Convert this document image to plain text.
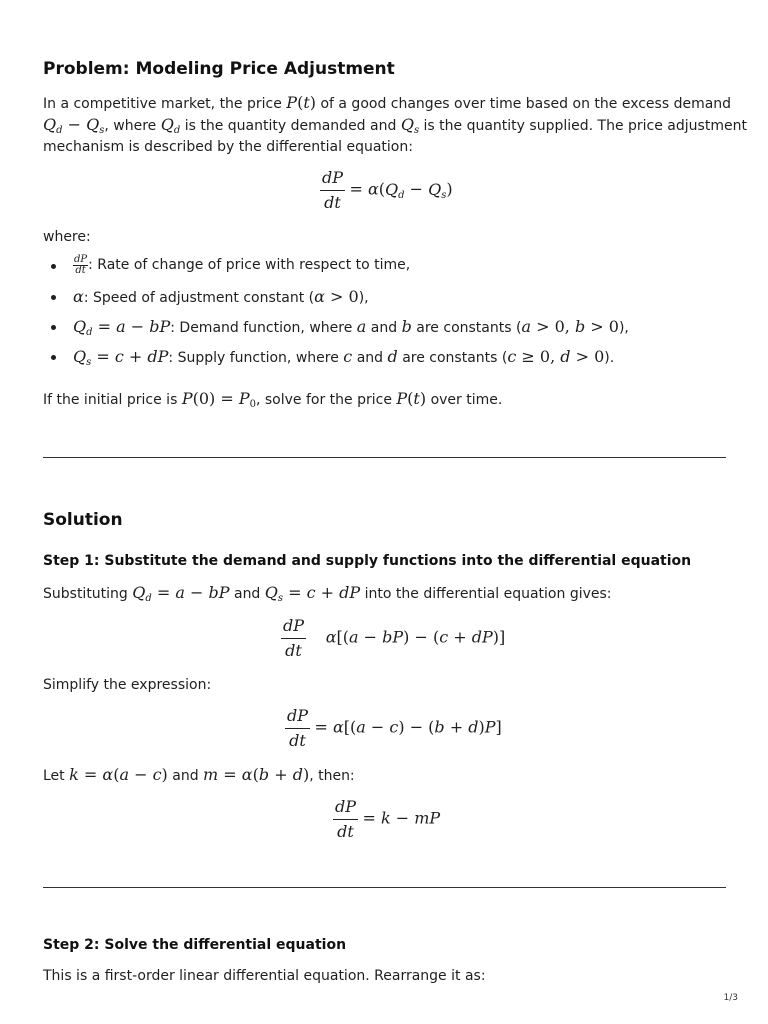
Problem: Modeling Price Adjustment
In a competitive market, the price P(t) of a good changes over time based on the excess demand
$Q_d - Q_s$, where $Q_d$ is the quantity demanded and $Q_s$ is the quantity supplied. The price adjustment
mechanism is described by the differential equation:
$\frac{dP}{dt} = \alpha(Q_d - Q_s)$
where:
$\frac{dP}{dt}$ : Rate of change of price with respect to time,
α: Speed of adjustment constant (α > 0),
$Q_d = a$ − bP: Demand function, where a and b are constants (a > 0, b > 0),
$Q_s = c$ + dP: Supply function, where c and d are constants (c ≥ 0, d > 0).
If the initial price is $P(0) = P_0$, solve for the price P(t) over time.
Solution
Step 1: Substitute the demand and supply functions into the differential equation
Substituting $Q_d = a$ − bP and $Q_s = c$ + dP into the differential equation gives:
$\frac{dP}{dt} \alpha[(a - bP) - (c + dP)]$
Simplify the expression:
$\frac{dP}{dt} = \alpha[(a - c) - (b + d)P]$
Let k = α(a − c) and m = α(b + d), then:
$\frac{dP}{dt} = k$ − mP
Step 2: Solve the differential equation
This is a first-order linear differential equation. Rearrange it as:
1/3
